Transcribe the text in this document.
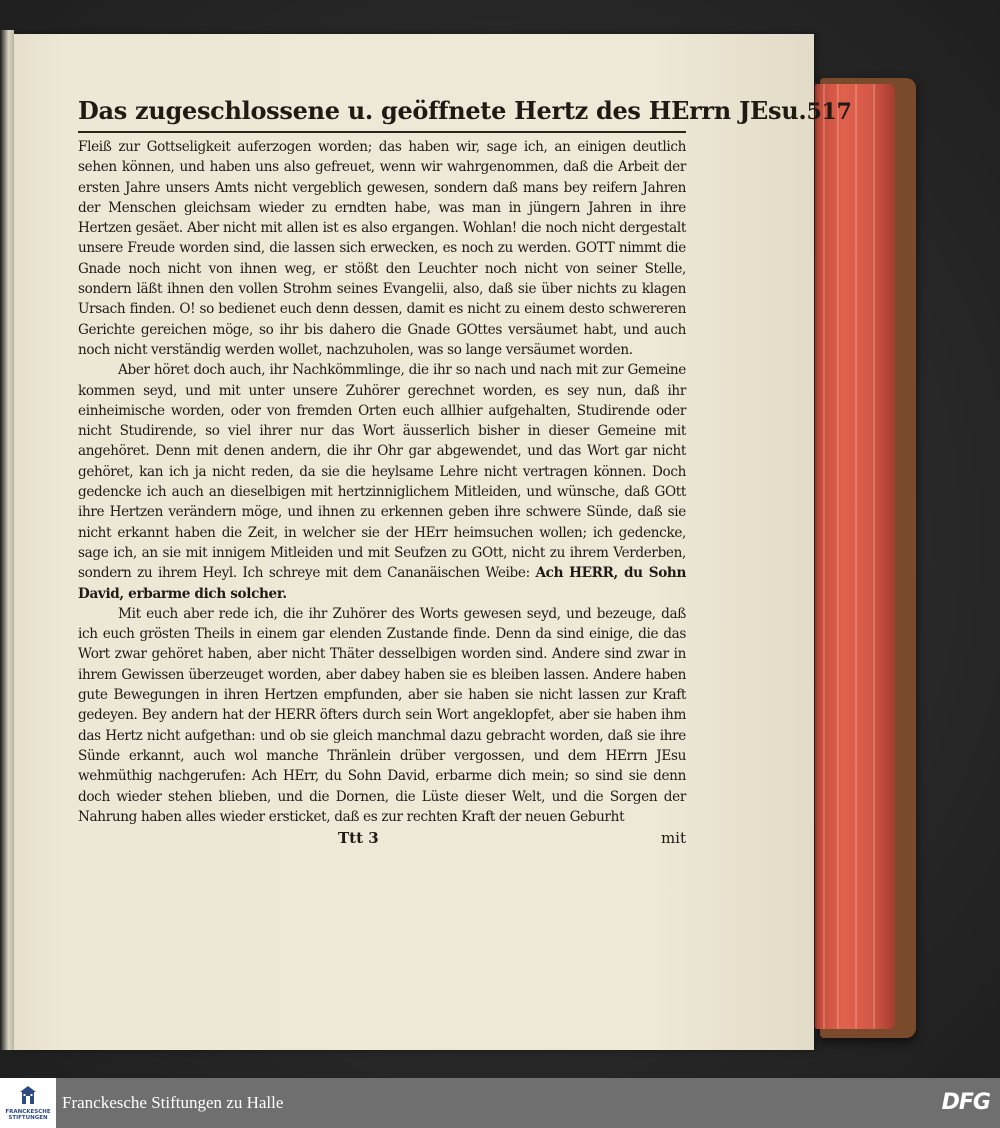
Das zugeschlossene u. geöffnete Hertz des HErrn JEsu. 517

Fleiß zur Gottseligkeit auferzogen worden; das haben wir, sage ich, an einigen deutlich sehen können, und haben uns also gefreuet, wenn wir wahrgenommen, daß die Arbeit der ersten Jahre unsers Amts nicht vergeblich gewesen, sondern daß mans bey reifern Jahren der Menschen gleichsam wieder zu erndten habe, was man in jüngern Jahren in ihre Hertzen gesäet. Aber nicht mit allen ist es also ergangen. Wohlan! die noch nicht dergestalt unsere Freude worden sind, die lassen sich erwecken, es noch zu werden. GOTT nimmt die Gnade noch nicht von ihnen weg, er stößt den Leuchter noch nicht von seiner Stelle, sondern läßt ihnen den vollen Strohm seines Evangelii, also, daß sie über nichts zu klagen Ursach finden. O! so bedienet euch denn dessen, damit es nicht zu einem desto schwereren Gerichte gereichen möge, so ihr bis dahero die Gnade GOttes versäumet habt, und auch noch nicht verständig werden wollet, nachzuholen, was so lange versäumet worden.

Aber höret doch auch, ihr Nachkömmlinge, die ihr so nach und nach mit zur Gemeine kommen seyd, und mit unter unsere Zuhörer gerechnet worden, es sey nun, daß ihr einheimische worden, oder von fremden Orten euch allhier aufgehalten, Studirende oder nicht Studirende, so viel ihrer nur das Wort äusserlich bisher in dieser Gemeine mit angehöret. Denn mit denen andern, die ihr Ohr gar abgewendet, und das Wort gar nicht gehöret, kan ich ja nicht reden, da sie die heylsame Lehre nicht vertragen können. Doch gedencke ich auch an dieselbigen mit hertzinniglichem Mitleiden, und wünsche, daß GOtt ihre Hertzen verändern möge, und ihnen zu erkennen geben ihre schwere Sünde, daß sie nicht erkannt haben die Zeit, in welcher sie der HErr heimsuchen wollen; ich gedencke, sage ich, an sie mit innigem Mitleiden und mit Seufzen zu GOtt, nicht zu ihrem Verderben, sondern zu ihrem Heyl. Ich schreye mit dem Cananäischen Weibe: Ach HERR, du Sohn David, erbarme dich solcher.

Mit euch aber rede ich, die ihr Zuhörer des Worts gewesen seyd, und bezeuge, daß ich euch grösten Theils in einem gar elenden Zustande finde. Denn da sind einige, die das Wort zwar gehöret haben, aber nicht Thäter desselbigen worden sind. Andere sind zwar in ihrem Gewissen überzeuget worden, aber dabey haben sie es bleiben lassen. Andere haben gute Bewegungen in ihren Hertzen empfunden, aber sie haben sie nicht lassen zur Kraft gedeyen. Bey andern hat der HERR öfters durch sein Wort angeklopfet, aber sie haben ihm das Hertz nicht aufgethan: und ob sie gleich manchmal dazu gebracht worden, daß sie ihre Sünde erkannt, auch wol manche Thränlein drüber vergossen, und dem HErrn JEsu wehmüthig nachgerufen: Ach HErr, du Sohn David, erbarme dich mein; so sind sie denn doch wieder stehen blieben, und die Dornen, die Lüste dieser Welt, und die Sorgen der Nahrung haben alles wieder ersticket, daß es zur rechten Kraft der neuen Geburht

Ttt 3	mit
FRANCKESCHE
STIFTUNGEN
Franckesche Stiftungen zu Halle	DFG
